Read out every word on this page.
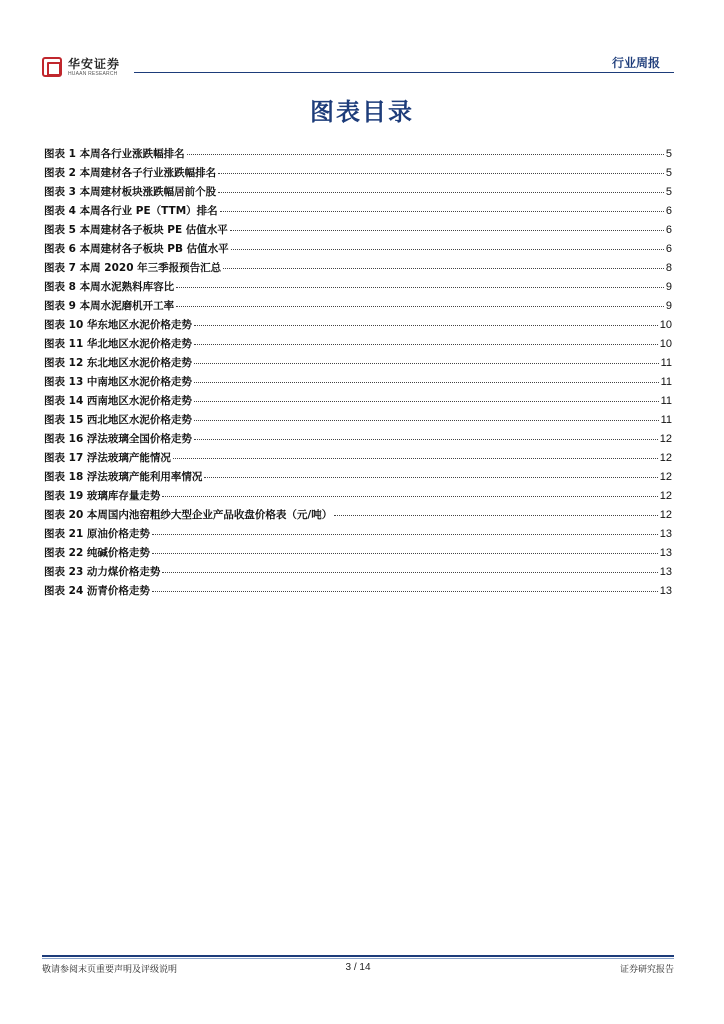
华安证券
HUAAN RESEARCH
行业周报
图表目录
图表 1 本周各行业涨跌幅排名	5
图表 2 本周建材各子行业涨跌幅排名	5
图表 3 本周建材板块涨跌幅居前个股	5
图表 4 本周各行业 PE（TTM）排名	6
图表 5 本周建材各子板块 PE 估值水平	6
图表 6 本周建材各子板块 PB 估值水平	6
图表 7 本周 2020 年三季报预告汇总	8
图表 8 本周水泥熟料库容比	9
图表 9 本周水泥磨机开工率	9
图表 10 华东地区水泥价格走势	10
图表 11 华北地区水泥价格走势	10
图表 12 东北地区水泥价格走势	11
图表 13 中南地区水泥价格走势	11
图表 14 西南地区水泥价格走势	11
图表 15 西北地区水泥价格走势	11
图表 16 浮法玻璃全国价格走势	12
图表 17 浮法玻璃产能情况	12
图表 18 浮法玻璃产能利用率情况	12
图表 19 玻璃库存量走势	12
图表 20 本周国内池窑粗纱大型企业产品收盘价格表（元/吨）	12
图表 21 原油价格走势	13
图表 22 纯碱价格走势	13
图表 23 动力煤价格走势	13
图表 24 沥青价格走势	13
敬请参阅末页重要声明及评级说明	3 / 14	证券研究报告
